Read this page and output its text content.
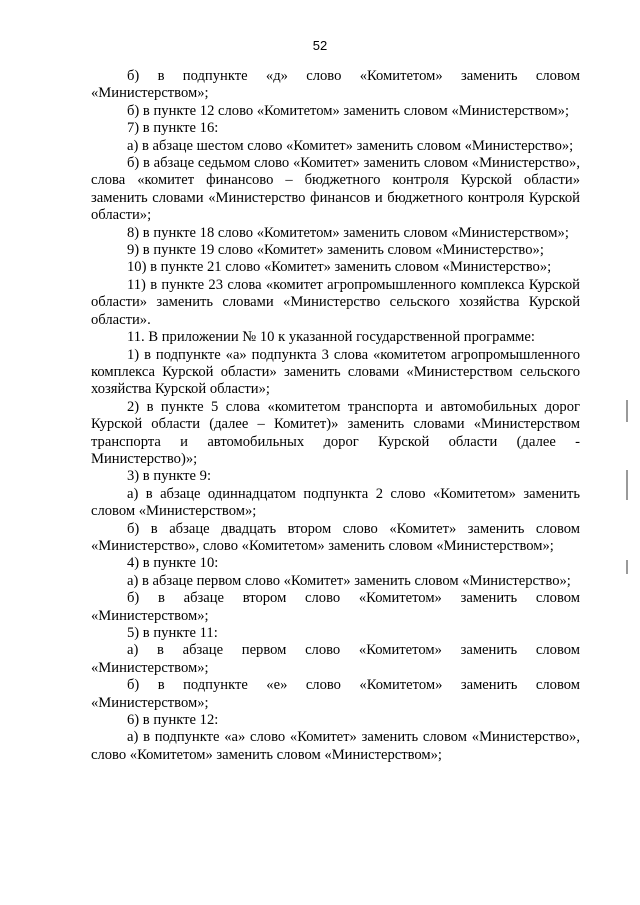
52

б) в подпункте «д» слово «Комитетом» заменить словом «Министерством»;

б) в пункте 12 слово «Комитетом» заменить словом «Министерством»;

7) в пункте 16:

а) в абзаце шестом слово «Комитет» заменить словом «Министерство»;

б) в абзаце седьмом слово «Комитет» заменить словом «Министерство», слова «комитет финансово – бюджетного контроля Курской области» заменить словами «Министерство финансов и бюджетного контроля Курской области»;

8) в пункте 18 слово «Комитетом» заменить словом «Министерством»;

9) в пункте 19 слово «Комитет» заменить словом «Министерство»;

10) в пункте 21 слово «Комитет» заменить словом «Министерство»;

11) в пункте 23 слова «комитет агропромышленного комплекса Курской области» заменить словами «Министерство сельского хозяйства Курской области».

11. В приложении № 10 к указанной государственной программе:

1) в подпункте «а» подпункта 3 слова «комитетом агропромышленного комплекса Курской области» заменить словами «Министерством сельского хозяйства Курской области»;

2) в пункте 5 слова «комитетом транспорта и автомобильных дорог Курской области (далее – Комитет)» заменить словами «Министерством транспорта и автомобильных дорог Курской области (далее - Министерство)»;

3) в пункте 9:

а) в абзаце одиннадцатом подпункта 2 слово «Комитетом» заменить словом «Министерством»;

б) в абзаце двадцать втором слово «Комитет» заменить словом «Министерство», слово «Комитетом» заменить словом «Министерством»;

4) в пункте 10:

а) в абзаце первом слово «Комитет» заменить словом «Министерство»;

б) в абзаце втором слово «Комитетом» заменить словом «Министерством»;

5) в пункте 11:

а) в абзаце первом слово «Комитетом» заменить словом «Министерством»;

б) в подпункте «е» слово «Комитетом» заменить словом «Министерством»;

6) в пункте 12:

а) в подпункте «а» слово «Комитет» заменить словом «Министерство», слово «Комитетом» заменить словом «Министерством»;
